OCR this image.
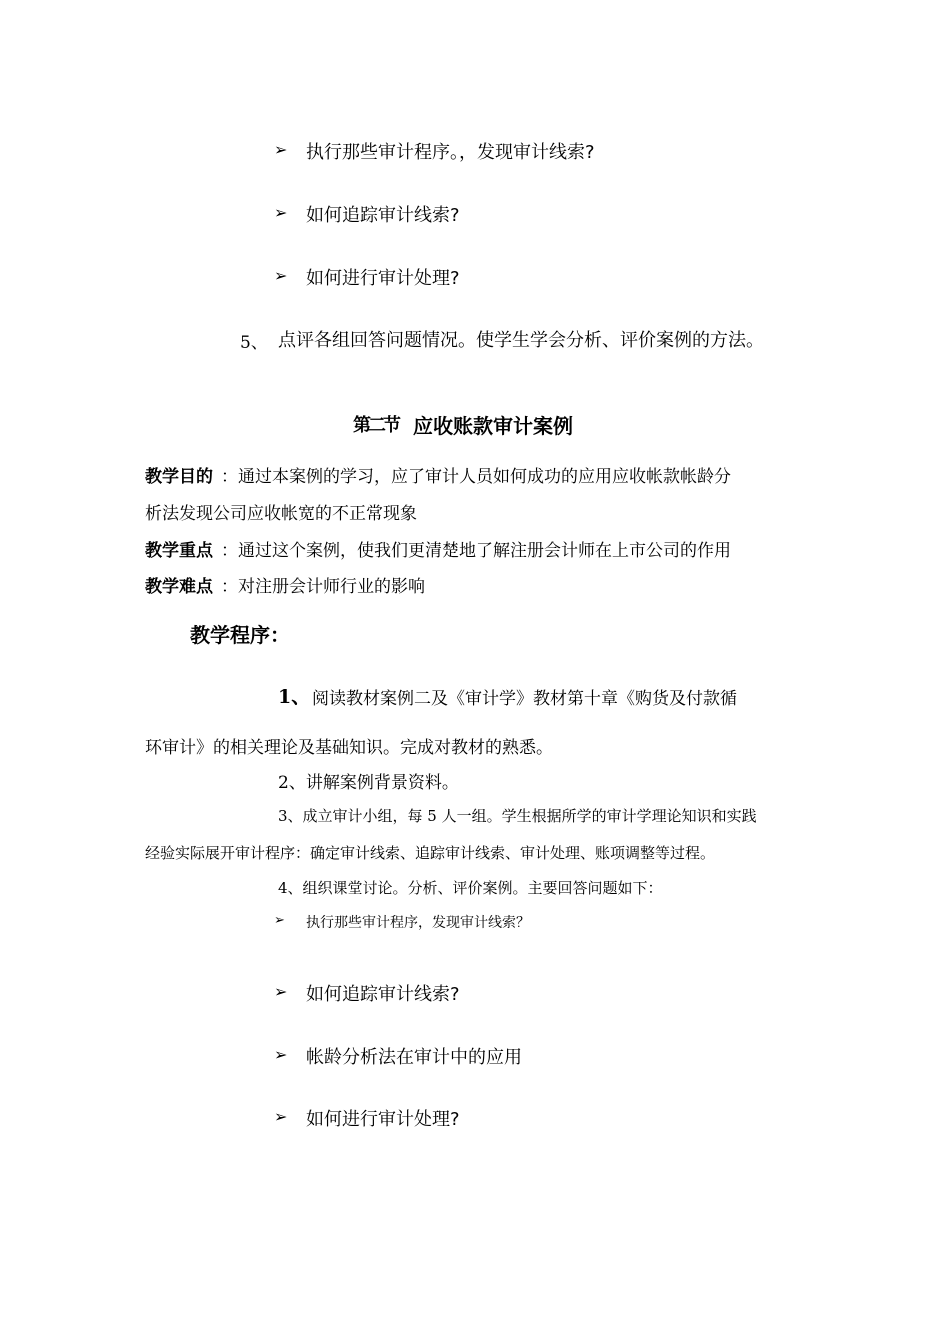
➢ 执行那些审计程序。，发现审计线索?
➢ 如何追踪审计线索?
➢ 如何进行审计处理?
5、 点评各组回答问题情况。使学生学会分析、评价案例的方法。
第二节 应收账款审计案例
教学目的 ：通过本案例的学习，应了审计人员如何成功的应用应收帐款帐龄分
析法发现公司应收帐宽的不正常现象
教学重点 ：通过这个案例，使我们更清楚地了解注册会计师在上市公司的作用
教学难点 ：对注册会计师行业的影响
教学程序：
1、 阅读教材案例二及《审计学》教材第十章《购货及付款循
环审计》的相关理论及基础知识。完成对教材的熟悉。
2、讲解案例背景资料。
3、成立审计小组，每 5 人一组。学生根据所学的审计学理论知识和实践
经验实际展开审计程序：确定审计线索、追踪审计线索、审计处理、账项调整等过程。
4、组织课堂讨论。分析、评价案例。主要回答问题如下：
➢ 执行那些审计程序，发现审计线索？
➢ 如何追踪审计线索?
➢ 帐龄分析法在审计中的应用
➢ 如何进行审计处理?
